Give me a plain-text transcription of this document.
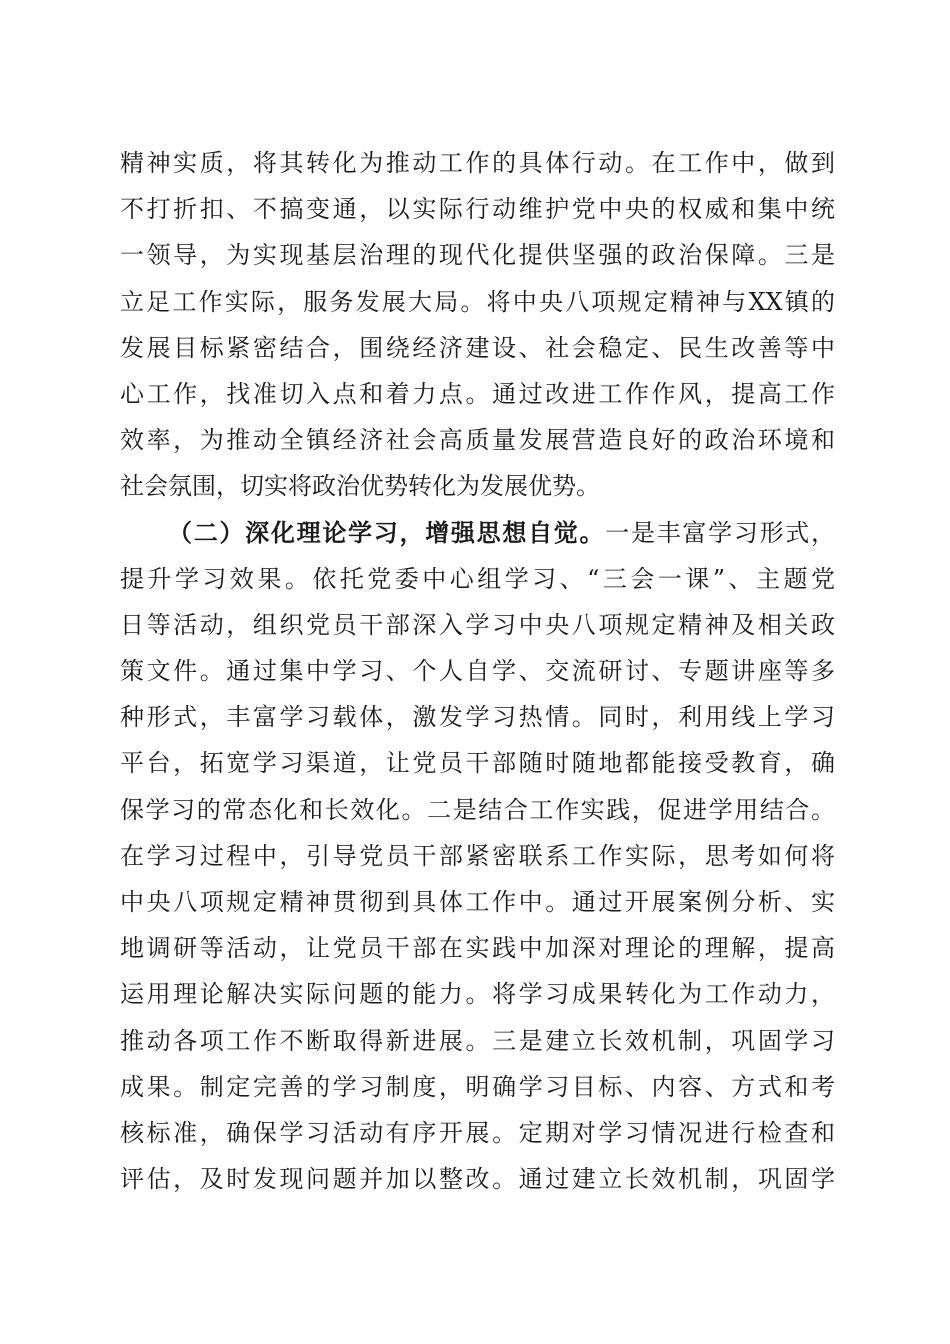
精神实质，将其转化为推动工作的具体行动。在工作中，做到
不打折扣、不搞变通，以实际行动维护党中央的权威和集中统
一领导，为实现基层治理的现代化提供坚强的政治保障。三是
立足工作实际，服务发展大局。将中央八项规定精神与XX镇的
发展目标紧密结合，围绕经济建设、社会稳定、民生改善等中
心工作，找准切入点和着力点。通过改进工作作风，提高工作
效率，为推动全镇经济社会高质量发展营造良好的政治环境和
社会氛围，切实将政治优势转化为发展优势。
（二）深化理论学习，增强思想自觉。一是丰富学习形式，
提升学习效果。依托党委中心组学习、“三会一课”、主题党
日等活动，组织党员干部深入学习中央八项规定精神及相关政
策文件。通过集中学习、个人自学、交流研讨、专题讲座等多
种形式，丰富学习载体，激发学习热情。同时，利用线上学习
平台，拓宽学习渠道，让党员干部随时随地都能接受教育，确
保学习的常态化和长效化。二是结合工作实践，促进学用结合。
在学习过程中，引导党员干部紧密联系工作实际，思考如何将
中央八项规定精神贯彻到具体工作中。通过开展案例分析、实
地调研等活动，让党员干部在实践中加深对理论的理解，提高
运用理论解决实际问题的能力。将学习成果转化为工作动力，
推动各项工作不断取得新进展。三是建立长效机制，巩固学习
成果。制定完善的学习制度，明确学习目标、内容、方式和考
核标准，确保学习活动有序开展。定期对学习情况进行检查和
评估，及时发现问题并加以整改。通过建立长效机制，巩固学
